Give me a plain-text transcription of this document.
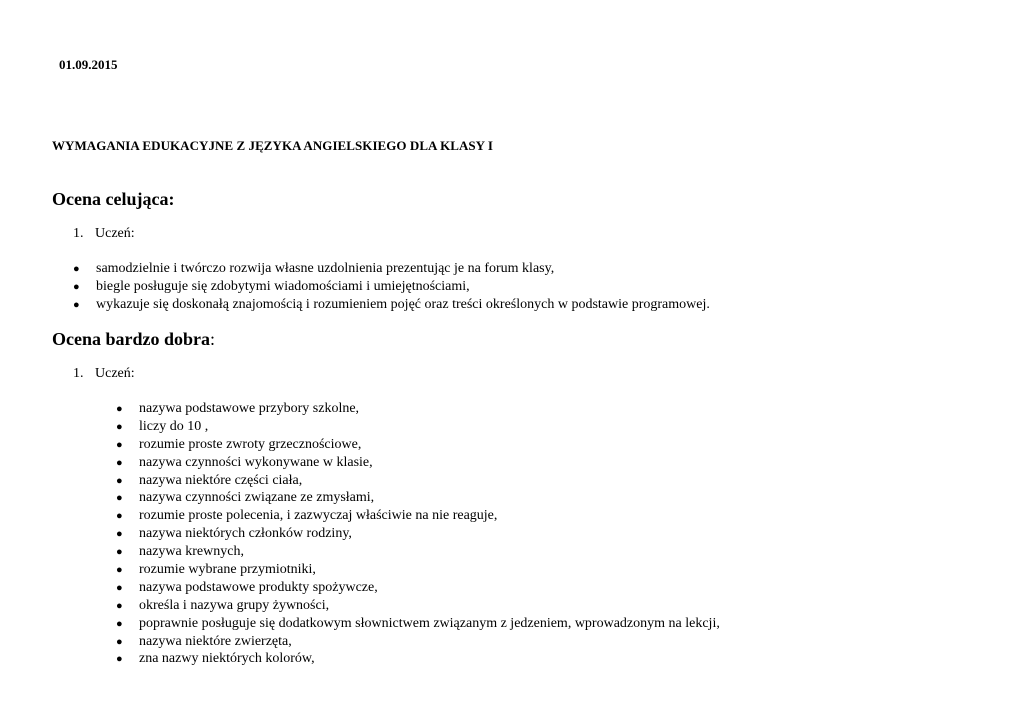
01.09.2015
WYMAGANIA EDUKACYJNE Z JĘZYKA ANGIELSKIEGO DLA KLASY I
Ocena celująca:
1. Uczeń:
●	samodzielnie i twórczo rozwija własne uzdolnienia prezentując je na forum klasy,
●	biegle posługuje się zdobytymi wiadomościami i umiejętnościami,
●	wykazuje się doskonałą znajomością i rozumieniem pojęć oraz treści określonych w podstawie programowej.
Ocena bardzo dobra:
1. Uczeń:
●	nazywa podstawowe przybory szkolne,
●	liczy do 10 ,
●	rozumie proste zwroty grzecznościowe,
●	nazywa czynności wykonywane w klasie,
●	nazywa niektóre części ciała,
●	nazywa czynności związane ze zmysłami,
●	rozumie proste polecenia, i zazwyczaj właściwie na nie reaguje,
●	nazywa niektórych członków rodziny,
●	nazywa krewnych,
●	rozumie wybrane przymiotniki,
●	nazywa podstawowe produkty spożywcze,
●	określa i nazywa grupy żywności,
●	poprawnie posługuje się dodatkowym słownictwem związanym z jedzeniem, wprowadzonym na lekcji,
●	nazywa niektóre zwierzęta,
●	zna nazwy niektórych kolorów,
